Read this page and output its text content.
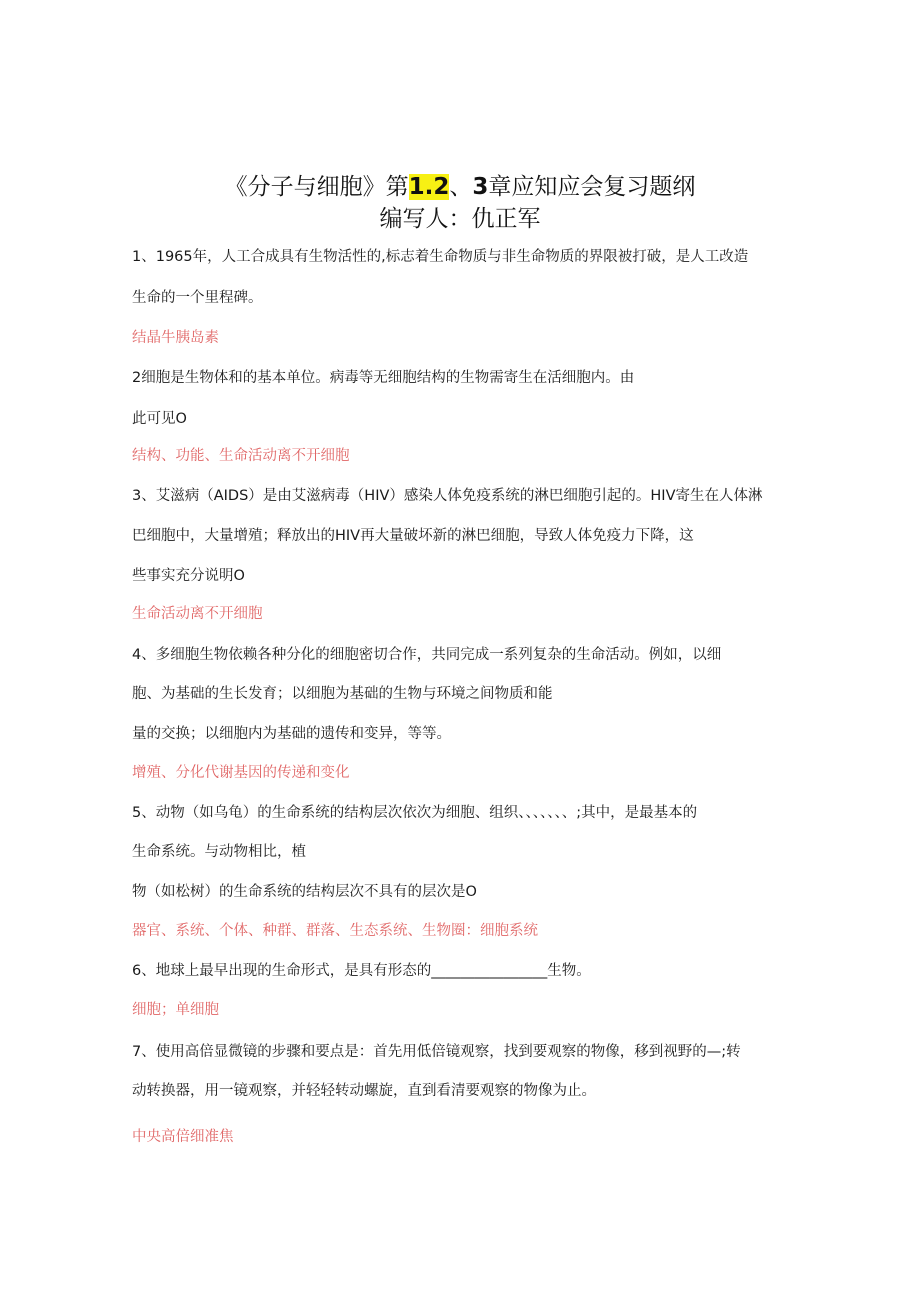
《分子与细胞》第1.2、3章应知应会复习题纲
编写人：仇正军
1、1965年，人工合成具有生物活性的,标志着生命物质与非生命物质的界限被打破，是人工改造
生命的一个里程碑。
结晶牛胰岛素
2细胞是生物体和的基本单位。病毒等无细胞结构的生物需寄生在活细胞内。由
此可见O
结构、功能、生命活动离不开细胞
3、艾滋病（AIDS）是由艾滋病毒（HIV）感染人体免疫系统的淋巴细胞引起的。HIV寄生在人体淋
巴细胞中，大量增殖；释放出的HIV再大量破坏新的淋巴细胞，导致人体免疫力下降，这
些事实充分说明O
生命活动离不开细胞
4、多细胞生物依赖各种分化的细胞密切合作，共同完成一系列复杂的生命活动。例如，以细
胞、为基础的生长发育；以细胞为基础的生物与环境之间物质和能
量的交换；以细胞内为基础的遗传和变异，等等。
增殖、分化代谢基因的传递和变化
5、动物（如乌龟）的生命系统的结构层次依次为细胞、组织、、、、、、、;其中，是最基本的
生命系统。与动物相比，植
物（如松树）的生命系统的结构层次不具有的层次是O
器官、系统、个体、种群、群落、生态系统、生物圈：细胞系统
6、地球上最早出现的生命形式，是具有形态的________________生物。
细胞；单细胞
7、使用高倍显微镜的步骤和要点是：首先用低倍镜观察，找到要观察的物像，移到视野的—;转
动转换器，用一镜观察，并轻轻转动螺旋，直到看清要观察的物像为止。
中央高倍细准焦
